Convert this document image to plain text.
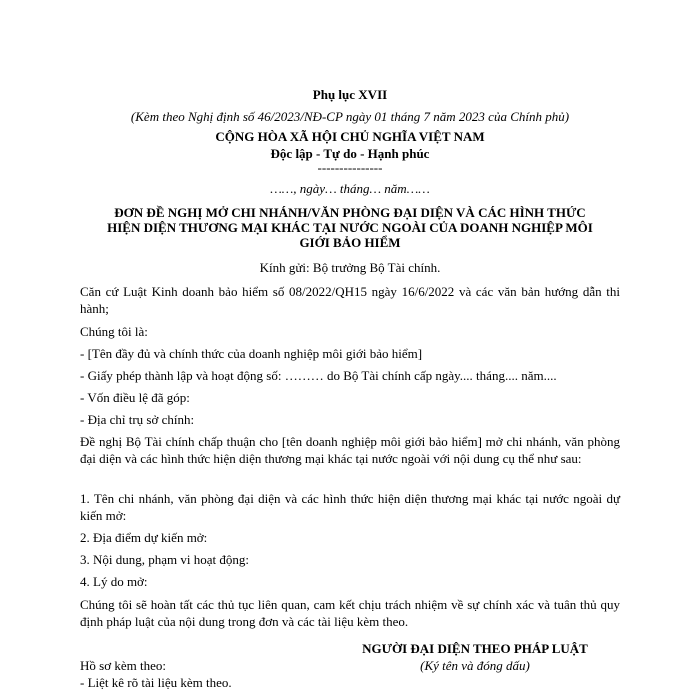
Phụ lục XVII
(Kèm theo Nghị định số 46/2023/NĐ-CP ngày 01 tháng 7 năm 2023 của Chính phủ)
CỘNG HÒA XÃ HỘI CHỦ NGHĨA VIỆT NAM
Độc lập - Tự do - Hạnh phúc
---------------
……, ngày… tháng… năm……
ĐƠN ĐỀ NGHỊ MỞ CHI NHÁNH/VĂN PHÒNG ĐẠI DIỆN VÀ CÁC HÌNH THỨC
HIỆN DIỆN THƯƠNG MẠI KHÁC TẠI NƯỚC NGOÀI CỦA DOANH NGHIỆP MÔI
GIỚI BẢO HIỂM
Kính gửi: Bộ trưởng Bộ Tài chính.
Căn cứ Luật Kinh doanh bảo hiểm số 08/2022/QH15 ngày 16/6/2022 và các văn bản hướng dẫn thi hành;
Chúng tôi là:
- [Tên đầy đủ và chính thức của doanh nghiệp môi giới bảo hiểm]
- Giấy phép thành lập và hoạt động số: ……… do Bộ Tài chính cấp ngày.... tháng.... năm....
- Vốn điều lệ đã góp:
- Địa chỉ trụ sở chính:
Đề nghị Bộ Tài chính chấp thuận cho [tên doanh nghiệp môi giới bảo hiểm] mở chi nhánh, văn phòng đại diện và các hình thức hiện diện thương mại khác tại nước ngoài với nội dung cụ thể như sau:
1. Tên chi nhánh, văn phòng đại diện và các hình thức hiện diện thương mại khác tại nước ngoài dự kiến mở:
2. Địa điểm dự kiến mở:
3. Nội dung, phạm vi hoạt động:
4. Lý do mở:
Chúng tôi sẽ hoàn tất các thủ tục liên quan, cam kết chịu trách nhiệm về sự chính xác và tuân thủ quy định pháp luật của nội dung trong đơn và các tài liệu kèm theo.
NGƯỜI ĐẠI DIỆN THEO PHÁP LUẬT
(Ký tên và đóng dấu)
Hồ sơ kèm theo:
- Liệt kê rõ tài liệu kèm theo.
